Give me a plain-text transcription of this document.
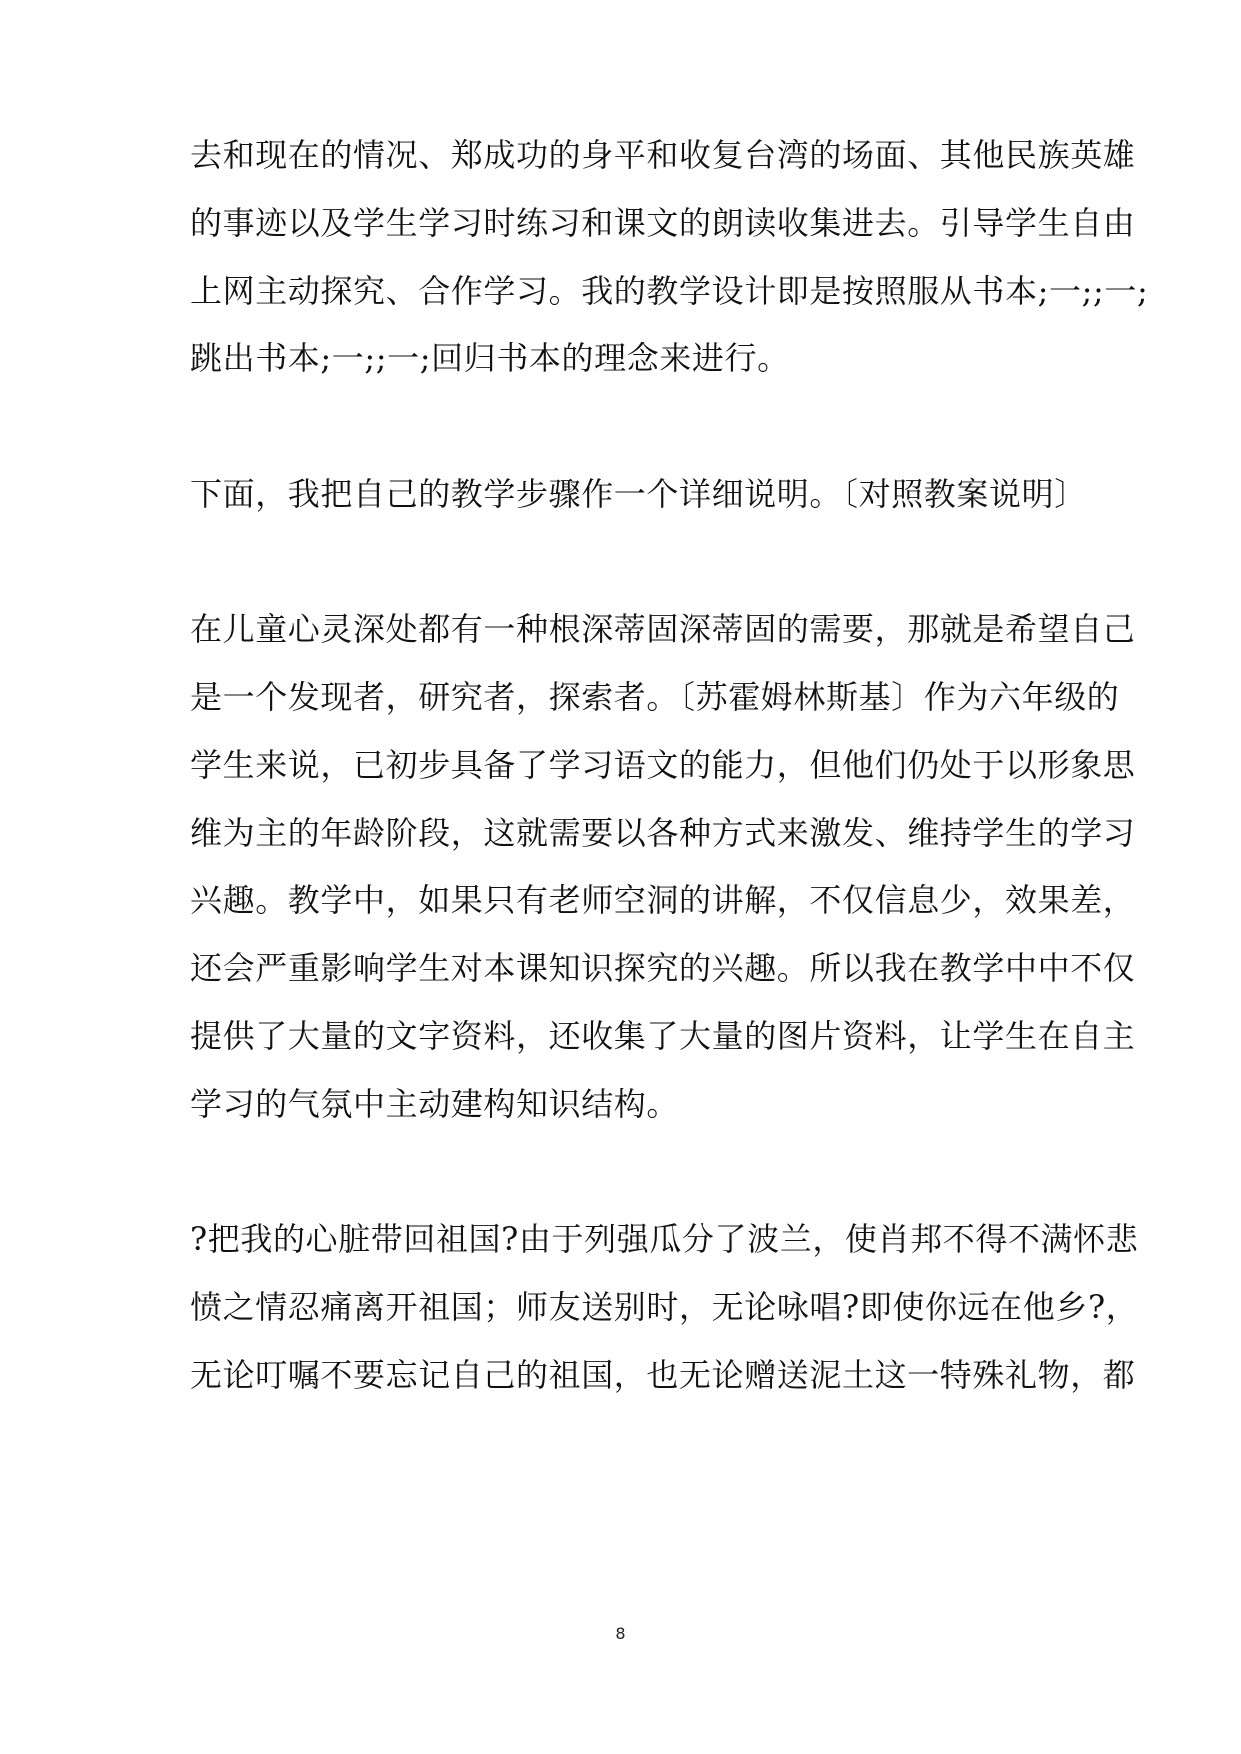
去和现在的情况、郑成功的身平和收复台湾的场面、其他民族英雄
的事迹以及学生学习时练习和课文的朗读收集进去。引导学生自由
上网主动探究、合作学习。我的教学设计即是按照服从书本;一;;一;
跳出书本;一;;一;回归书本的理念来进行。
下面，我把自己的教学步骤作一个详细说明。〔对照教案说明〕
在儿童心灵深处都有一种根深蒂固深蒂固的需要，那就是希望自己
是一个发现者，研究者，探索者。〔苏霍姆林斯基〕作为六年级的
学生来说，已初步具备了学习语文的能力，但他们仍处于以形象思
维为主的年龄阶段，这就需要以各种方式来激发、维持学生的学习
兴趣。教学中，如果只有老师空洞的讲解，不仅信息少，效果差，
还会严重影响学生对本课知识探究的兴趣。所以我在教学中中不仅
提供了大量的文字资料，还收集了大量的图片资料，让学生在自主
学习的气氛中主动建构知识结构。
?把我的心脏带回祖国?由于列强瓜分了波兰，使肖邦不得不满怀悲
愤之情忍痛离开祖国；师友送别时，无论咏唱?即使你远在他乡?，
无论叮嘱不要忘记自己的祖国，也无论赠送泥土这一特殊礼物，都
8
